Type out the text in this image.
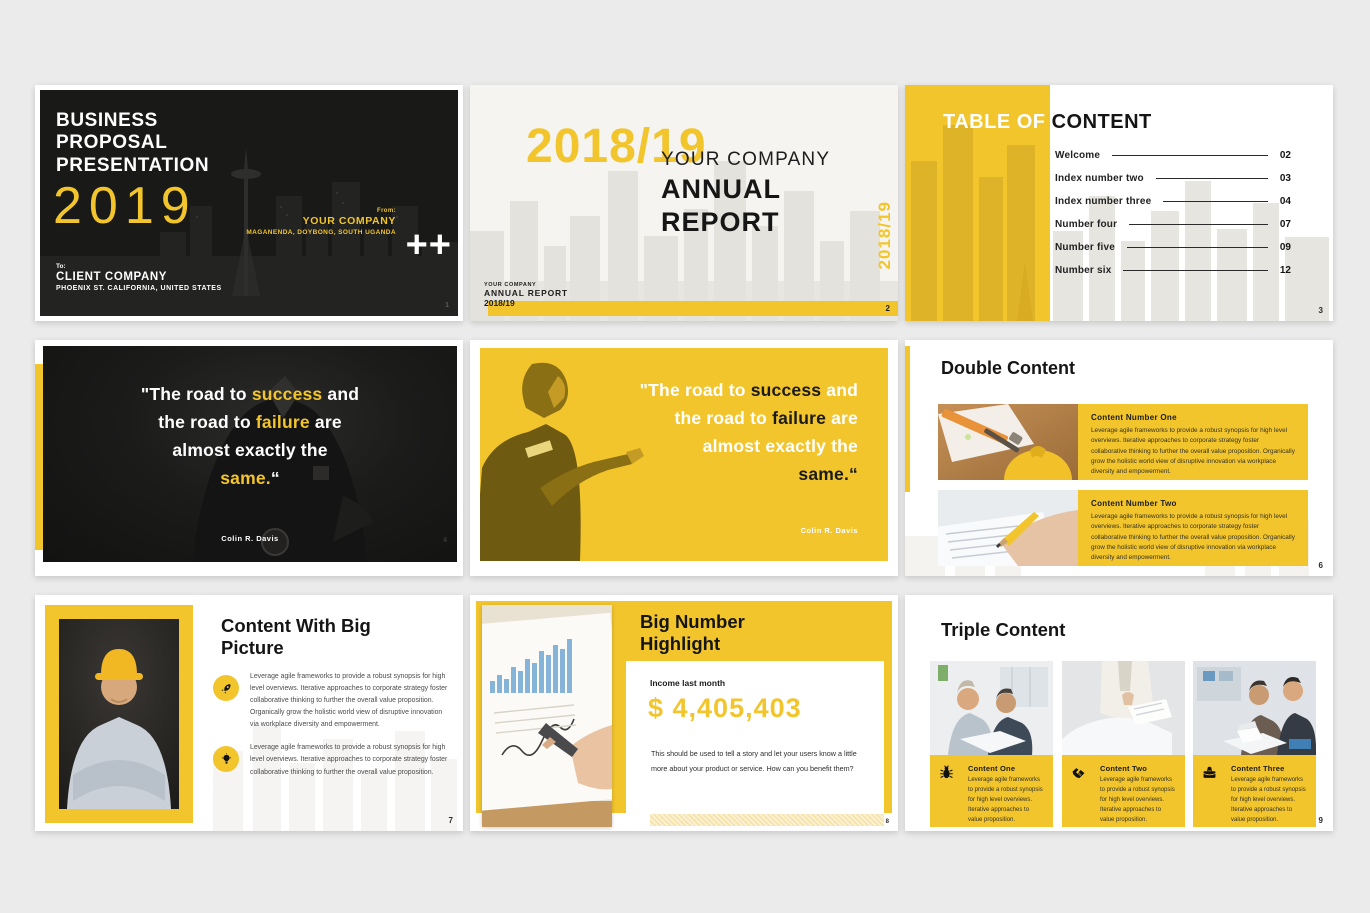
BUSINESS
PROPOSAL
PRESENTATION
2019	From:
YOUR COMPANY
MAGANENDA, DOYBONG, SOUTH UGANDA ++
To:
CLIENT COMPANY
PHOENIX ST. CALIFORNIA, UNITED STATES
1
2018/19
YOUR COMPANY
ANNUAL
REPORT	2018/19
YOUR COMPANY
ANNUAL REPORT
2018/19
2
TABLE OF CONTENT
Welcome	02
Index number two	03
Index number three	04
Number four	07
Number five	09
Number six	12
3
"The road to success and
the road to failure are
almost exactly the
same.“
Colin R. Davis	4
"The road to success and
the road to failure are
almost exactly the
same.“
Colin R. Davis
Double Content
Content Number One
Leverage agile frameworks to provide a robust synopsis for high level overviews. Iterative approaches to corporate strategy foster collaborative thinking to further the overall value proposition. Organically grow the holistic world view of disruptive innovation via workplace diversity and empowerment.
Content Number Two
Leverage agile frameworks to provide a robust synopsis for high level overviews. Iterative approaches to corporate strategy foster collaborative thinking to further the overall value proposition. Organically grow the holistic world view of disruptive innovation via workplace diversity and empowerment.
6
Content With Big
Picture
Leverage agile frameworks to provide a robust synopsis for high level overviews. Iterative approaches to corporate strategy foster collaborative thinking to further the overall value proposition. Organically grow the holistic world view of disruptive innovation via workplace diversity and empowerment.
Leverage agile frameworks to provide a robust synopsis for high level overviews. Iterative approaches to corporate strategy foster collaborative thinking to further the overall value proposition.
7
Big Number
Highlight
Income last month
$ 4,405,403
This should be used to tell a story and let your users know a little more about your product or service. How can you benefit them?
8
Triple Content
Content One
Leverage agile frameworks to provide a robust synopsis for high level overviews. Iterative approaches to value proposition.
Content Two
Leverage agile frameworks to provide a robust synopsis for high level overviews. Iterative approaches to value proposition.
Content Three
Leverage agile frameworks to provide a robust synopsis for high level overviews. Iterative approaches to value proposition.	9
